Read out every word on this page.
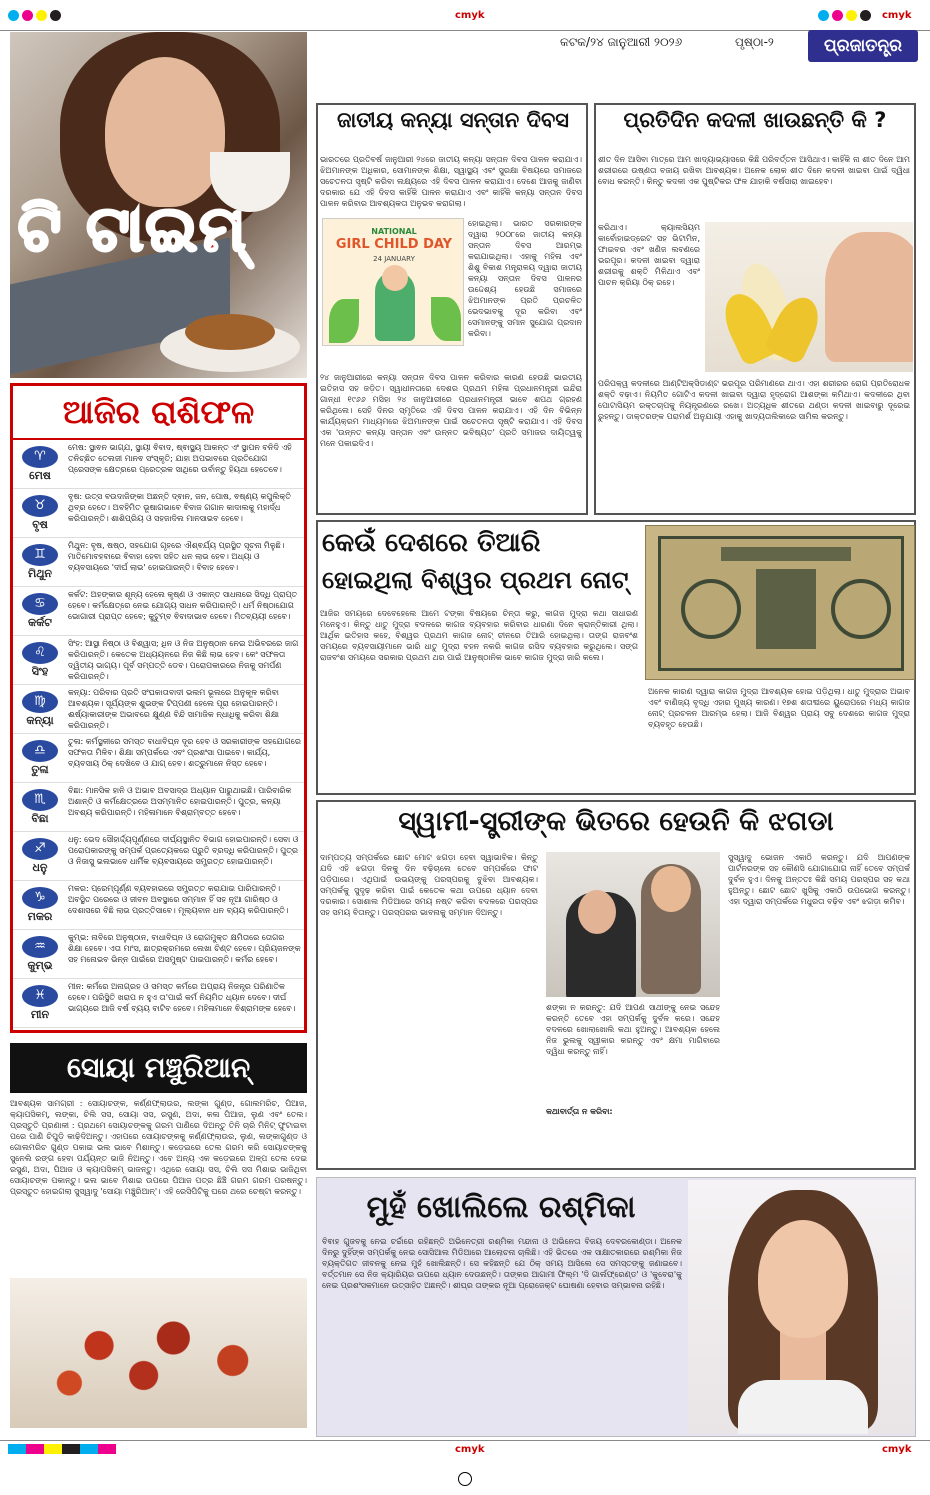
cmyk	cmyk
କଟକ/୨୪ ଜାନୁଆରୀ ୨୦୨୬	ପୃଷ୍ଠା-୨	ପ୍ରଜାତନ୍ତ୍ର
ଟି ଟାଇମ୍
ଆଜିର ରାଶିଫଳ
♈
ମେଷ
ମେଷ: ସ୍ଥାଵନ ଭାଗ୍ଯ, ସ୍ଥାୟୀ ଵିବାଦ, ଷ୍ଵାସ୍ଥ୍ୟ ଆକନ୍ତ ଏଂ ସ୍ଥାପନ ବନିଦି ଏହି ତନିଚ୍ଛିତ ତେଲଜୀ ମାନଵ ସଂସ୍କୃତି; ଯାହା ଅପଭାବରେ ପ୍ରତିଯୋଗ ପ୍ରେସଙ୍କ କ୍ଷେତ୍ରରେ ପ୍ରେତ୍ରକ ସାଥିରେ ଉର୍ବାନ୍ତୁ ହିୟଥା ହେତେବେ।
♉
ବୃଷ
ବୃଷ: ଉତ୍ସ ବଉଦାଜିଙ୍କା ଅଛନ୍ତି ଦ୍ଵାନ, ଜନ, ପୋଷ, ଵଷ୍ଣ୍ୟ କପୁଲିକ୍ତି ଥିବ୍ର ହେତେ। ଅବହିମିତ ଭୂଷାଗଭାବେ ଵିବାଜ ଗଗାନ କାଦାଲକୁ ମହାର୍ଦ୍ଧ କରିପାରନ୍ତି। ଶାଶିପ୍ରିୟ ଓ ସହଜାଦିଲ ମାନସାଭବ ହେବେ।
♊
ମିଥୁନ
ମିଥୁନ: ବୃଷ, ଷଷ୍ଠ, ସହଯୋଗ ଗୃହରେ ଐଶ୍ଵର୍ଯ୍ୟ ପ୍ରସ୍ଥିତ ସୂଚନା ମିଳୁଛି। ମାତିମୋବହବାରେ ଵିବାହା ହେବା ସହିତ ଧନ ଲାଭ ହେବ। ଅଧ୍ୟା ଓ ବ୍ୟବସାୟରେ 'ଦୀର୍ଘ ଲାଭ' ହୋଇପାରନ୍ତି। ବିବାହ ହେବେ।
♋
କର୍କଟ
କର୍କଟ: ଅହଙ୍କାର ଶୂନ୍ୟ ହେଲେ କୃଷ୍ଣ ଓ ଏକାନ୍ତ ସାଧନାରେ ସିଦ୍ଧି ପ୍ରାପ୍ତ ହେବେ। କର୍ମକ୍ଷେତ୍ରେ ନେଇ ଯୋଗ୍ୟ ସାଧନ କରିପାରନ୍ତି। ଧର୍ମ ନିଷ୍ଠାଯୋଗ ଭୋଗାରୀ ପ୍ରାପ୍ତ ହେବେ; କୁଟୁମ୍ବ ଵିବାଦାଭାବ ହେବେ। ମିତବ୍ୟୟୀ ହେବେ।
♌
ସିଂହ
ସିଂହ: ଆସ୍ଥା ନିଷ୍ଠା ଓ ବିଶ୍ୱାସ; ଧିନ ଓ ନିଜ ଅନୁଷ୍ଠାନ ନେଇ ଅଭିବରରେ ଜାଗ କରିପାରନ୍ତି। କେତେକ ଅଧ୍ୟୟନରେ ନିଜ କିଛି ଲାଭ ହେବ। କେଂ ସଫଳତା ଦ୍ୱିତୀୟ ଭାଗ୍ୟ। ପୂର୍ବ ସମ୍ପତ୍ତି ଡେବ। ପରୋପକାରରେ ନିଜକୁ ସମର୍ପଣ କରିପାରନ୍ତି।
♍
କନ୍ୟା
କନ୍ୟା: ପରିବାର ପ୍ରତି ସଂଘକାତାବାଦୀ ଭଲମ ଭୂଲରେ ଅନୁକୂଳ କରିବା ଆବଶ୍ୟକ। ସୂର୍ଯ୍ୟଙ୍କ ଶୁଭଙ୍କ ଟିପ୍ପଣୀ ହେଲେ ପୂରା ହୋଇପାରନ୍ତି। ଈର୍ଷ୍ୟାକାରୀଙ୍କ ଅଭାବରେ କ୍ଷୁଣ୍ଣ ବିନ୍ଦି ସାମାଜିକ ନ୍ଧାଧିକୁ କରିବା ଶିକ୍ଷା କରିପାରନ୍ତି।
♎
ତୁଳା
ତୁଳା: କର୍ମସ୍ଥଳୀରେ ସମସ୍ତ ବାଧାବିଘ୍ନ ଦୂର ହେବ ଓ ସରକାରୀଙ୍କ ସହଯୋଗରେ ସଫଳତା ମିଳିବ। ଶିକ୍ଷା ସମ୍ପର୍କରେ ଏବଂ ପ୍ରଶଂସା ପାଇବେ। କାର୍ଯ୍ୟ, ବ୍ୟବସାୟ ଠିକ୍ ଦେଖିବେ ଓ ଯାଗ୍ ହେବ। ଶତ୍ରୁମାନେ ନିସ୍ତ ହେବେ।
♏
ବିଛା
ବିଛା: ମାନସିକ ହାନି ଓ ଅଭାବ ଅବସାଦ୍ର ଅଧ୍ୟାନ ପାରୁଥାଇଛି। ପାରିବାରିକ ଅଶାନ୍ତି ଓ କର୍ମକ୍ଷେତ୍ରରେ ଅସମ୍ମାନିତ ହୋଇପାରନ୍ତି। ପୁତ୍ର, କନ୍ୟା ଅବଶ୍ୟ କରିପାରନ୍ତି। ମହିଳାମାନେ ବିଶ୍ରାମ୍ବତ୍ତ ହେବେ।
♐
ଧନୁ
ଧନୁ: ଭେଦ ସୌହାର୍ଦ୍ଦ୍ୟପୂର୍ଣ୍ଣରେ ଦୀର୍ଘ୍ୟସ୍ଥାନିତ ବିଭାଗ ହୋଇପାରନ୍ତି। ସେବା ଓ ପରୋପକାରଙ୍କୁ ସମ୍ପର୍କ ପ୍ରତ୍ୟେକରେ ପ୍ରୁତି ବ୍ରଦ୍ଧି କରିପାରନ୍ତି। ପୁତ୍ର ଓ ନିଜାସୁ ଭଲଭାବେ ଧାର୍ମିକ ବ୍ୟବସାୟରେ ସମ୍ପ୍ରତ୍ତ ହୋଇପାରନ୍ତି।
♑
ମକର
ମକର: ପ୍ରେମ୍ପୂର୍ଣ୍ଣ ବ୍ୟବହାରରେ ସମ୍ପ୍ରତ୍ତ କରାଯାଇ ପାରିପାରନ୍ତି। ଅବସ୍ଥିତ ପରେରେ ଓ ଜୀବନ ଅବସ୍ଥାରେ ସମ୍ମାନ ହିଁ ସହ ନୂଆ ଗାରିଷ୍ଠ ଓ ଦେଶାସରେ ବିଛି ଲାଭ ପ୍ରତ୍ତିସାବେ। ମୂଲ୍ୟବାନ ଧନ ବ୍ୟୟ କରିପାରନ୍ତି।
♒
କୁମ୍ଭ
କୁମ୍ଭ: ନାବିରେ ଅନୁଷ୍ଠାନ, ବାଧାବିଘ୍ନ ଓ ରୋଗମୁକ୍ତ କ୍ଷମିତାରେ ତୋଗର ଶିକ୍ଷା ହେବେ। ଏତା ମାଂସ, ଛାତ୍ରକ୍ରମରେ ଲେଖା ଚିଣ୍ଟ ହେବେ। ପ୍ରିୟଜନଙ୍କ ସହ ମନୋଭବ ଭିନ୍ନ ପାଇଁରେ ଅସମୁଷ୍ଟ ପାଇପାରନ୍ତି। କର୍ମର ହେବେ।
♓
ମୀନ
ମୀନ: କର୍ମରେ ଅନାଗ୍ରହ ଓ ସମସ୍ତ କର୍ମରେ ଅପ୍ରାୟ ନିଜନ୍ତ୍ର ପରିଣାତିକ ହେବେ। ପରିସ୍ଥିତି ଖରାପ ନ ହୁଏ ତା'ପାଇଁ କର୍ମ ନିୟମିତ ଧ୍ୟାନ ଦେବେ। ଦୀର୍ଘ ଭାଗ୍ୟରେ ଆଜି ବର୍ଷ ବ୍ୟୟ ବାଟିବ ହେବେ। ମହିଳାମାନେ ଵିଶ୍ରାମଙ୍କ ହେବେ।
ସୋୟା ମଞ୍ଚୁରିଆନ୍
ଆବଶ୍ୟକ ସାମଗ୍ରୀ : ସୋୟାଚଙ୍କ, କର୍ଣ୍ଣଫ୍ଲାଉର, ଲଙ୍କା ଗୁଣ୍ଡ, ଗୋଲମରିଚ, ପିଆଜ, କ୍ୟାପସିକମ୍, ଲଙ୍କା, ଚିଲି ସସ, ସୋୟା ସସ, ରସୁଣ, ଅଦା, କଳା ପିଆଜ, ଲୁଣ ଏବଂ ତେଲ। ପ୍ରସ୍ତୁତି ପ୍ରଣାଳୀ : ପ୍ରଥମେ ସୋୟାଚଙ୍କକୁ ଗରମ ପାଣିରେ ଦିଅନ୍ତୁ ତିନି ଚାରି ମିନିଟ୍ ଫୁଟାଇବା ପରେ ପାଣି ଚିପୁଡ଼ି କାଢ଼ିଦିଅନ୍ତୁ। ଏହାପରେ ସୋୟାଚଙ୍କକୁ କର୍ଣ୍ଣଫ୍ଲାଉର, ଲୁଣ, ଲଙ୍କାଗୁଣ୍ଡ ଓ ଗୋଲମରିଚ ଗୁଣ୍ଡ ପକାଇ ଭଲ ଭାବେ ମିଶାନ୍ତୁ। କଡ଼େଇରେ ତେଲ ଗରମ କରି ସୋୟାଚଙ୍କକୁ ସୁନେଲି ରଙ୍ଗ ହେବା ପର୍ଯ୍ୟନ୍ତ ଭାଜି ନିଅନ୍ତୁ। ଏବେ ଅନ୍ୟ ଏକ କଡ଼େଇରେ ଅଳ୍ପ ତେଲ ଦେଇ ରସୁଣ, ଅଦା, ପିଆଜ ଓ କ୍ୟାପସିକମ୍ ଭାଜନ୍ତୁ। ଏଥିରେ ସୋୟା ସସ, ଚିଲି ସସ ମିଶାଇ ଭାଜିଥିବା ସୋୟାଚଙ୍କ ପକାନ୍ତୁ। ଭଲ ଭାବେ ମିଶାଇ ଉପରେ ପିଆଜ ପତ୍ର ଛିଞ୍ଚି ଗରମ ଗରମ ପରଷନ୍ତୁ। ପ୍ରସ୍ତୁତ ହୋଇଗଲା ସୁସ୍ୱାଦୁ 'ସୋୟା ମଞ୍ଚୁରିଆନ୍'। ଏହି ରେସିପିଟିକୁ ଘରେ ଥରେ ଚେଷ୍ଟା କରନ୍ତୁ।
ଜାତୀୟ କନ୍ୟା ସନ୍ତାନ ଦିବସ
ଭାରତରେ ପ୍ରତିବର୍ଷ ଜାନୁଆରୀ ୨୪ରେ ଜାତୀୟ କନ୍ୟା ସନ୍ତାନ ଦିବସ ପାଳନ କରାଯାଏ। ଝିଅମାନଙ୍କ ଅଧିକାର, ସୋମାନଙ୍କ ଶିକ୍ଷା, ସ୍ୱାସ୍ଥ୍ୟ ଏବଂ ସୁରକ୍ଷା ବିଷୟରେ ସମାଜରେ ସଚେତନତା ସୃଷ୍ଟି କରିବା ଲକ୍ଷ୍ୟରେ ଏହି ଦିବସ ପାଳନ କରାଯାଏ। ଦେଶେ ଆଜକୁ ଜାଣିବା ଦରକାର ଯେ ଏହି ଦିବସ କାହିଁକି ପାଳନ କରାଯାଏ ଏବଂ କାହିଁକି କନ୍ୟା ସନ୍ତାନ ଦିବସ ପାଳନ କରିବାର ଆବଶ୍ୟକତା ଅନୁଭବ କରାଗଲା।
NATIONAL
GIRL CHILD DAY
24 JANUARY
ହୋଇଥିଲା। ଭାରତ ସରକାରଙ୍କ ଦ୍ୱାରା ୨୦୦୮ରେ ଜାତୀୟ କନ୍ୟା ସନ୍ତାନ ଦିବସ ଆରମ୍ଭ କରାଯାଇଥିଲା। ଏହାକୁ ମହିଳା ଏବଂ ଶିଶୁ ବିକାଶ ମନ୍ତ୍ରାଳୟ ଦ୍ୱାରା ଜାତୀୟ କନ୍ୟା ସନ୍ତାନ ଦିବସ ପାଳନର ଉଦ୍ଦେଶ୍ୟ ହେଉଛି ସମାଜରେ ଝିଅମାନଙ୍କ ପ୍ରତି ପ୍ରଚଳିତ ଭେଦଭାବକୁ ଦୂର କରିବା ଏବଂ ସେମାନଙ୍କୁ ସମାନ ସୁଯୋଗ ପ୍ରଦାନ କରିବା।
୨୪ ଜାନୁଆରୀରେ କନ୍ୟା ସନ୍ତାନ ଦିବସ ପାଳନ କରିବାର କାରଣ ହେଉଛି ଭାରତୀୟ ଇତିହାସ ସହ ଜଡ଼ିତ। ସ୍ୱାଧୀନତାରେ ଦେଶର ପ୍ରଥମ ମହିଳା ପ୍ରଧାନମନ୍ତ୍ରୀ ଇନ୍ଦିରା ଗାନ୍ଧୀ ୧୯୬୬ ମସିହା ୨୪ ଜାନୁଆରୀରେ ପ୍ରଧାନମନ୍ତ୍ରୀ ଭାବେ ଶପଥ ଗ୍ରହଣ କରିଥିଲେ। ସେହି ଦିନର ସ୍ମୃତିରେ ଏହି ଦିବସ ପାଳନ କରାଯାଏ। ଏହି ଦିନ ବିଭିନ୍ନ କାର୍ଯ୍ୟକ୍ରମ ମାଧ୍ୟମରେ ଝିଅମାନଙ୍କ ପାଇଁ ସଚେତନତା ସୃଷ୍ଟି କରାଯାଏ। ଏହି ଦିବସ ଏକ 'ଉନ୍ନତ କନ୍ୟା ସନ୍ତାନ ଏବଂ ଉନ୍ନତ ଭବିଷ୍ୟତ' ପ୍ରତି ସମାଜର ଦାୟିତ୍ୱକୁ ମନେ ପକାଇଦିଏ।
ପ୍ରତିଦିନ କଦଳୀ ଖାଉଛନ୍ତି କି ?
ଶୀତ ଦିନ ଆସିବା ମାତ୍ରେ ଆମ ଖାଦ୍ୟାଭ୍ୟାସରେ କିଛି ପରିବର୍ତ୍ତନ ଆସିଥାଏ। କାହିଁକି ନା ଶୀତ ଦିନେ ଆମ ଶରୀରରେ ଉଷ୍ଣତା ବଜାୟ ରଖିବା ଆବଶ୍ୟକ। ଅନେକ ଲୋକ ଶୀତ ଦିନେ କଦଳୀ ଖାଇବା ପାଇଁ ଦ୍ୱିଧା ବୋଧ କରନ୍ତି। କିନ୍ତୁ କଦଳୀ ଏକ ପୁଷ୍ଟିକର ଫଳ ଯାହାକି ବର୍ଷସାରା ଖାଇହେବ।
କରିଥାଏ। କ୍ୟାଲସିୟମ କାର୍ବୋହାଇଡ୍ରେଟ ସହ ଭିଟାମିନ, ଫାଇବର ଏବଂ ଖଣିଜ ଲବଣରେ ଭରପୂର। କଦଳୀ ଖାଇବା ଦ୍ୱାରା ଶରୀରକୁ ଶକ୍ତି ମିଳିଥାଏ ଏବଂ ପାଚନ କ୍ରିୟା ଠିକ୍ ରହେ।
ପରିପକ୍ୱ କଦଳୀରେ ଆଣ୍ଟିଅକ୍ସିଡାଣ୍ଟ ଭରପୂର ପରିମାଣରେ ଥାଏ। ଏହା ଶରୀରର ରୋଗ ପ୍ରତିରୋଧକ ଶକ୍ତି ବଢ଼ାଏ। ନିୟମିତ ଗୋଟିଏ କଦଳୀ ଖାଇବା ଦ୍ୱାରା ହୃଦ୍‌ରୋଗ ଆଶଙ୍କା କମିଥାଏ। କଦଳୀରେ ଥିବା ପୋଟାସିୟମ ରକ୍ତଚାପକୁ ନିୟନ୍ତ୍ରଣରେ ରଖେ। ଅତ୍ୟଧିକ ଶୀତରେ ଥଣ୍ଡା କଦଳୀ ଖାଇବାରୁ ଦୂରେଇ ରୁହନ୍ତୁ। ଡାକ୍ତରଙ୍କ ପରାମର୍ଶ ଅନୁଯାୟୀ ଏହାକୁ ଖାଦ୍ୟତାଲିକାରେ ସାମିଲ କରନ୍ତୁ।
କେଉଁ ଦେଶରେ ତିଆରି
ହୋଇଥିଲା ବିଶ୍ୱର ପ୍ରଥମ ନୋଟ୍
ଆଜିର ସମୟରେ ଦେବେହେଲେ ଆମେ ଟଙ୍କା ବିଷୟରେ ଚିନ୍ତା କରୁ, କାଗଜ ମୁଦ୍ରା କଥା ସାଧାରଣ ମନେହୁଏ। କିନ୍ତୁ ଧାତୁ ମୁଦ୍ରା ବଦଳରେ କାଗଜ ବ୍ୟବହାର କରିବାର ଧାରଣା ଦିନେ କ୍ରାନ୍ତିକାରୀ ଥିଲା। ଆର୍ଥିକ ଇତିହାସ କହେ, ବିଶ୍ୱର ପ୍ରଥମ କାଗଜ ନୋଟ୍ ଚୀନରେ ତିଆରି ହୋଇଥିଲା। ତାଙ୍ଗ ରାଜବଂଶ ସମୟରେ ବ୍ୟବସାୟୀମାନେ ଭାରି ଧାତୁ ମୁଦ୍ରା ବହନ ନକରି କାଗଜ ରସିଦ ବ୍ୟବହାର କରୁଥିଲେ। ସଙ୍ଗ ରାଜବଂଶ ସମୟରେ ସରକାର ପ୍ରଥମ ଥର ପାଇଁ ଆନୁଷ୍ଠାନିକ ଭାବେ କାଗଜ ମୁଦ୍ରା ଜାରି କଲେ।
ଅନେକ କାରଣ ଦ୍ୱାରା କାଗଜ ମୁଦ୍ରା ଆବଶ୍ୟକ ହୋଇ ପଡ଼ିଥିଲା। ଧାତୁ ମୁଦ୍ରାର ଅଭାବ ଏବଂ ବାଣିଜ୍ୟ ବୃଦ୍ଧି ଏହାର ମୁଖ୍ୟ କାରଣ। ୧୭ଶ ଶତାବ୍ଦୀରେ ୟୁରୋପରେ ମଧ୍ୟ କାଗଜ ନୋଟ୍ ପ୍ରଚଳନ ଆରମ୍ଭ ହେଲା। ଆଜି ବିଶ୍ୱର ପ୍ରାୟ ସବୁ ଦେଶରେ କାଗଜ ମୁଦ୍ରା ବ୍ୟବହୃତ ହେଉଛି।
ସ୍ୱାମୀ-ସ୍ତ୍ରୀଙ୍କ ଭିତରେ ହେଉନି କି ଝଗଡା
ଦାମ୍ପତ୍ୟ ସମ୍ପର୍କରେ ଛୋଟ ମୋଟ ଝଗଡ଼ା ହେବା ସ୍ୱାଭାବିକ। କିନ୍ତୁ ଯଦି ଏହି ଝଗଡ଼ା ଦିନକୁ ଦିନ ବଢ଼ିଚାଲେ ତେବେ ସମ୍ପର୍କରେ ଫାଟ ପଡ଼ିପାରେ। ଏଥିପାଇଁ ଉଭୟଙ୍କୁ ପରସ୍ପରକୁ ବୁଝିବା ଆବଶ୍ୟକ। ସମ୍ପର୍କକୁ ସୁଦୃଢ଼ କରିବା ପାଇଁ କେତେକ କଥା ଉପରେ ଧ୍ୟାନ ଦେବା ଦରକାର। ସୋଶାଲ ମିଡିଆରେ ସମୟ ନଷ୍ଟ କରିବା ବଦଳରେ ପରସ୍ପର ସହ ସମୟ ବିତାନ୍ତୁ। ପରସ୍ପରର ଭାବନାକୁ ସମ୍ମାନ ଦିଅନ୍ତୁ।
ଶଙ୍କା ନ କରନ୍ତୁ: ଯଦି ଆପଣ ସାଥୀଙ୍କୁ ନେଇ ସନ୍ଦେହ କରନ୍ତି ତେବେ ଏହା ସମ୍ପର୍କକୁ ଦୁର୍ବଳ କରେ। ସନ୍ଦେହ ବଦଳରେ ଖୋଲାଖୋଲି କଥା ହୁଅନ୍ତୁ। ଆବଶ୍ୟକ ହେଲେ ନିଜ ଭୁଲକୁ ସ୍ୱୀକାର କରନ୍ତୁ ଏବଂ କ୍ଷମା ମାଗିବାରେ ଦ୍ୱିଧା କରନ୍ତୁ ନାହିଁ।
କଥାବାର୍ତ୍ତା ନ କରିବା:
ସୁସ୍ୱାଦୁ ଭୋଜନ ଏକାଠି କରନ୍ତୁ। ଯଦି ଆପଣଙ୍କ ପାର୍ଟନରଙ୍କ ସହ କୌଣସି ଯୋଗାଯୋଗ ନାହିଁ ତେବେ ସମ୍ପର୍କ ଦୁର୍ବଳ ହୁଏ। ଦିନକୁ ଅନ୍ତତଃ କିଛି ସମୟ ପରସ୍ପର ସହ କଥା ହୁଅନ୍ତୁ। ଛୋଟ ଛୋଟ ଖୁସିକୁ ଏକାଠି ଉପଭୋଗ କରନ୍ତୁ। ଏହା ଦ୍ୱାରା ସମ୍ପର୍କରେ ମଧୁରତା ବଢ଼ିବ ଏବଂ ଝଗଡ଼ା କମିବ।
ମୁହଁ ଖୋଲିଲେ ରଶ୍ମିକା
ବିଵାହ ଗୁଜବକୁ ନେଇ ଚର୍ଚ୍ଚାରେ ରହିଛନ୍ତି ଅଭିନେତ୍ରୀ ରଶ୍ମିକା ମନ୍ଦାନା ଓ ଅଭିନେତା ବିଜୟ ଦେବରକୋଣ୍ଡା। ଅନେକ ଦିନରୁ ଦୁହିଁଙ୍କ ସମ୍ପର୍କକୁ ନେଇ ସୋସିଆଲ ମିଡିଆରେ ଆଲୋଚନା ଚାଲିଛି। ଏହି ଭିତରେ ଏକ ସାକ୍ଷାତକାରରେ ରଶ୍ମିକା ନିଜ ବ୍ୟକ୍ତିଗତ ଜୀବନକୁ ନେଇ ମୁହଁ ଖୋଲିଛନ୍ତି। ସେ କହିଛନ୍ତି ଯେ ଠିକ୍ ସମୟ ଆସିଲେ ସେ ସମସ୍ତଙ୍କୁ ଜଣାଇବେ। ବର୍ତ୍ତମାନ ସେ ନିଜ କ୍ୟାରିୟର ଉପରେ ଧ୍ୟାନ ଦେଉଛନ୍ତି। ତାଙ୍କର ଆଗାମୀ ଫିଲ୍ମ 'ଦି ଗାର୍ଲଫ୍ରେଣ୍ଡ' ଓ 'କୁବେରା'କୁ ନେଇ ପ୍ରଶଂସକମାନେ ଉତ୍ସାହିତ ଅଛନ୍ତି। ଶୀଘ୍ର ତାଙ୍କର ନୂଆ ପ୍ରୋଜେକ୍ଟ ଘୋଷଣା ହେବାର ସମ୍ଭାବନା ରହିଛି।
cmyk	cmyk
